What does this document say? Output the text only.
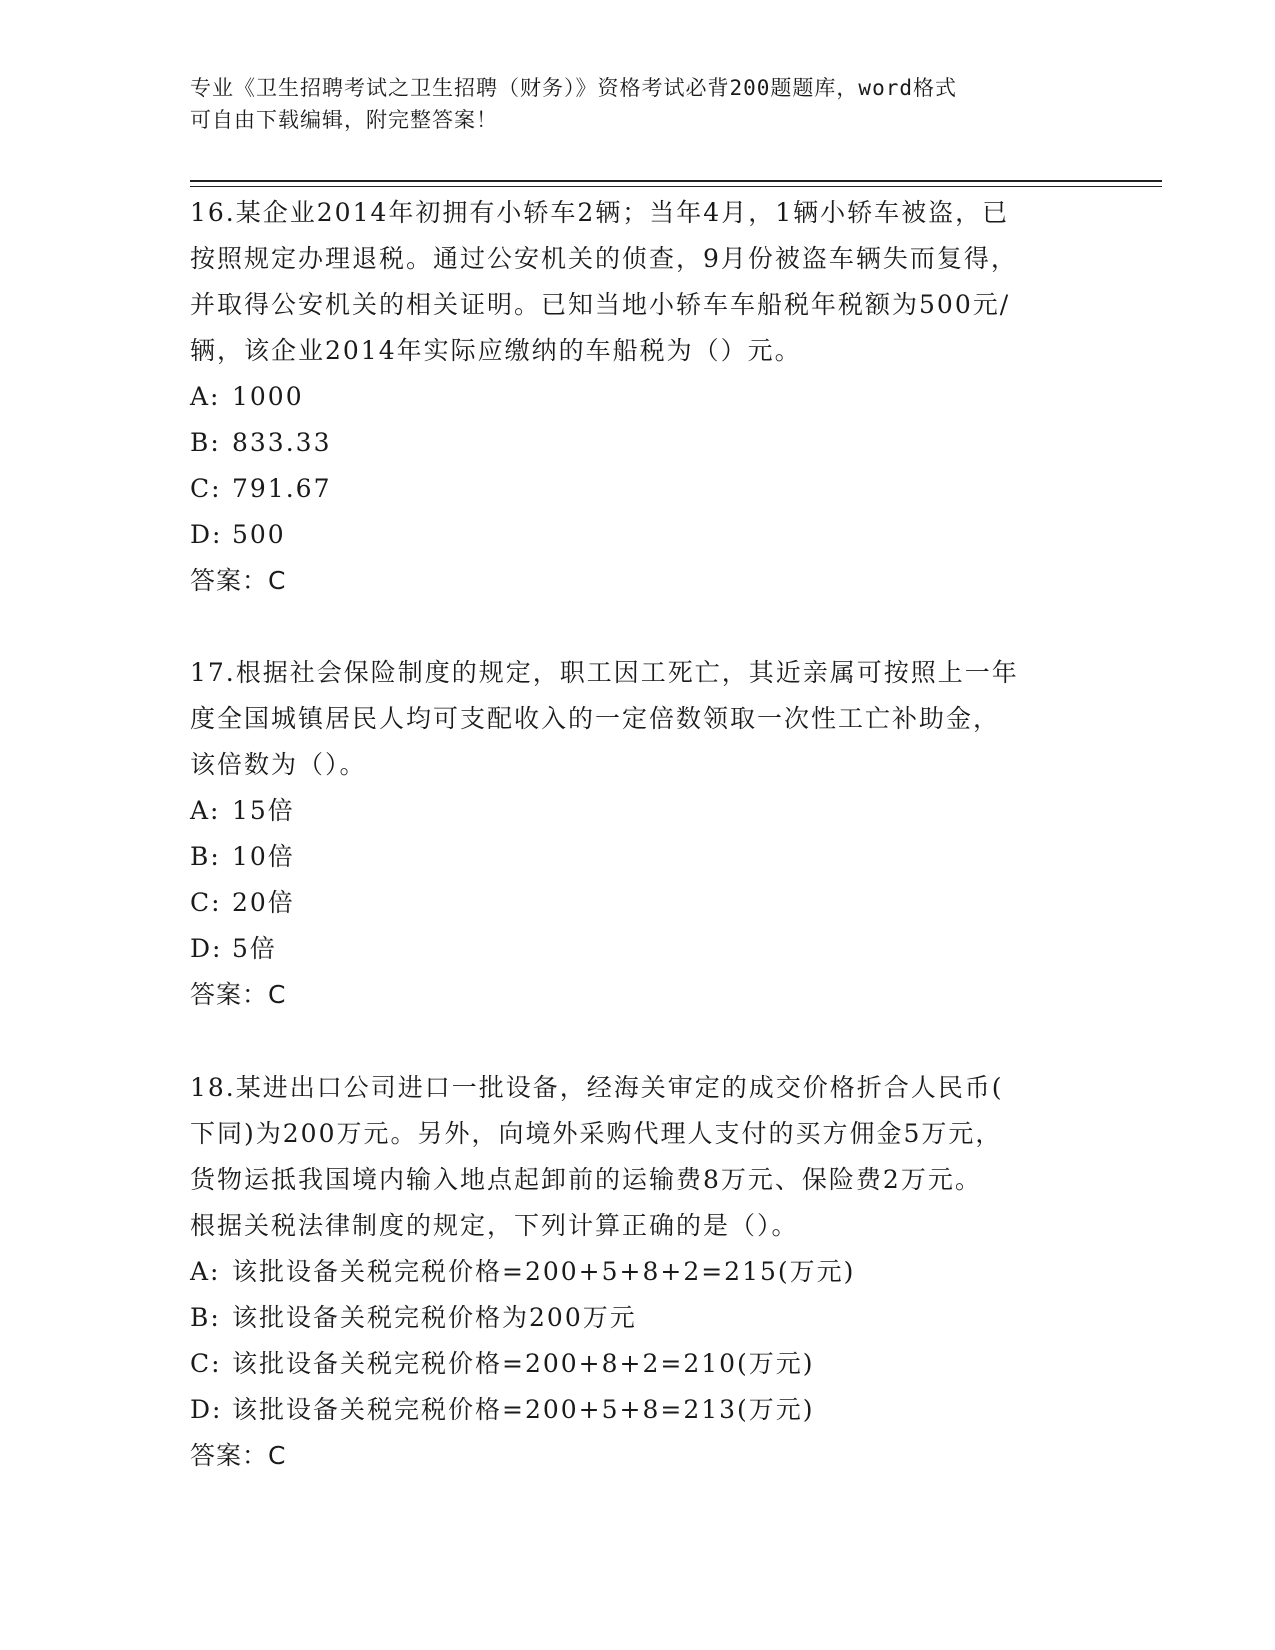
专业《卫生招聘考试之卫生招聘（财务）》资格考试必背200题题库，word格式
可自由下载编辑，附完整答案！
16.某企业2014年初拥有小轿车2辆；当年4月，1辆小轿车被盗，已
按照规定办理退税。通过公安机关的侦查，9月份被盗车辆失而复得，
并取得公安机关的相关证明。已知当地小轿车车船税年税额为500元/
辆，该企业2014年实际应缴纳的车船税为（）元。
A: 1000
B: 833.33
C: 791.67
D: 500
答案：C
17.根据社会保险制度的规定，职工因工死亡，其近亲属可按照上一年
度全国城镇居民人均可支配收入的一定倍数领取一次性工亡补助金，
该倍数为（）。
A: 15倍
B: 10倍
C: 20倍
D: 5倍
答案：C
18.某进出口公司进口一批设备，经海关审定的成交价格折合人民币(
下同)为200万元。另外，向境外采购代理人支付的买方佣金5万元，
货物运抵我国境内输入地点起卸前的运输费8万元、保险费2万元。
根据关税法律制度的规定，下列计算正确的是（）。
A: 该批设备关税完税价格=200+5+8+2=215(万元)
B: 该批设备关税完税价格为200万元
C: 该批设备关税完税价格=200+8+2=210(万元)
D: 该批设备关税完税价格=200+5+8=213(万元)
答案：C
